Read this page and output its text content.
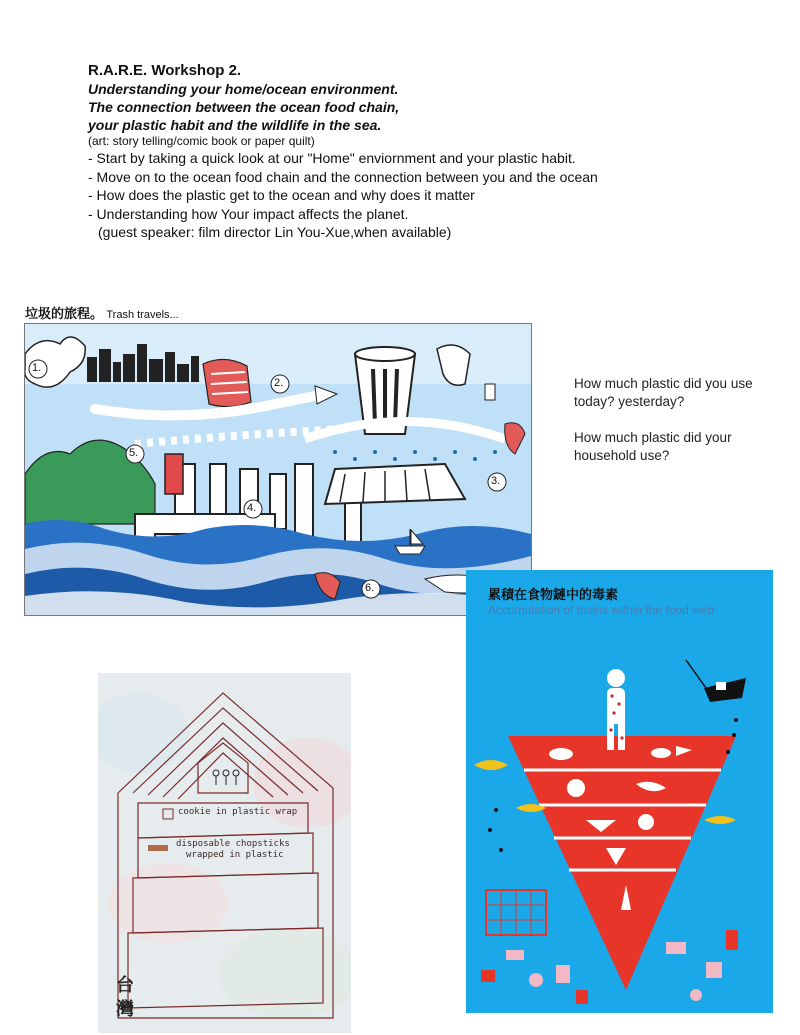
R.A.R.E. Workshop 2.
Understanding your home/ocean environment.
The connection between the ocean food chain,
your plastic habit and the wildlife in the sea.
(art: story telling/comic book or paper quilt)
- Start by taking a quick look at our "Home" enviornment and your plastic habit.
- Move on to the ocean food chain and the connection between you and the ocean
- How does the plastic get to the ocean and why does it matter
- Understanding how Your impact affects the planet.
(guest speaker: film director Lin You-Xue,when available)
垃圾的旅程。 Trash travels...
1.
2.
3.
4.
5.
6.

How much plastic did you use today? yesterday?

How much plastic did your household use?

cookie in plastic wrap
disposable chopsticks
wrapped in plastic
台
灣
累積在食物鏈中的毒素
Accumulation of toxins within the food web
